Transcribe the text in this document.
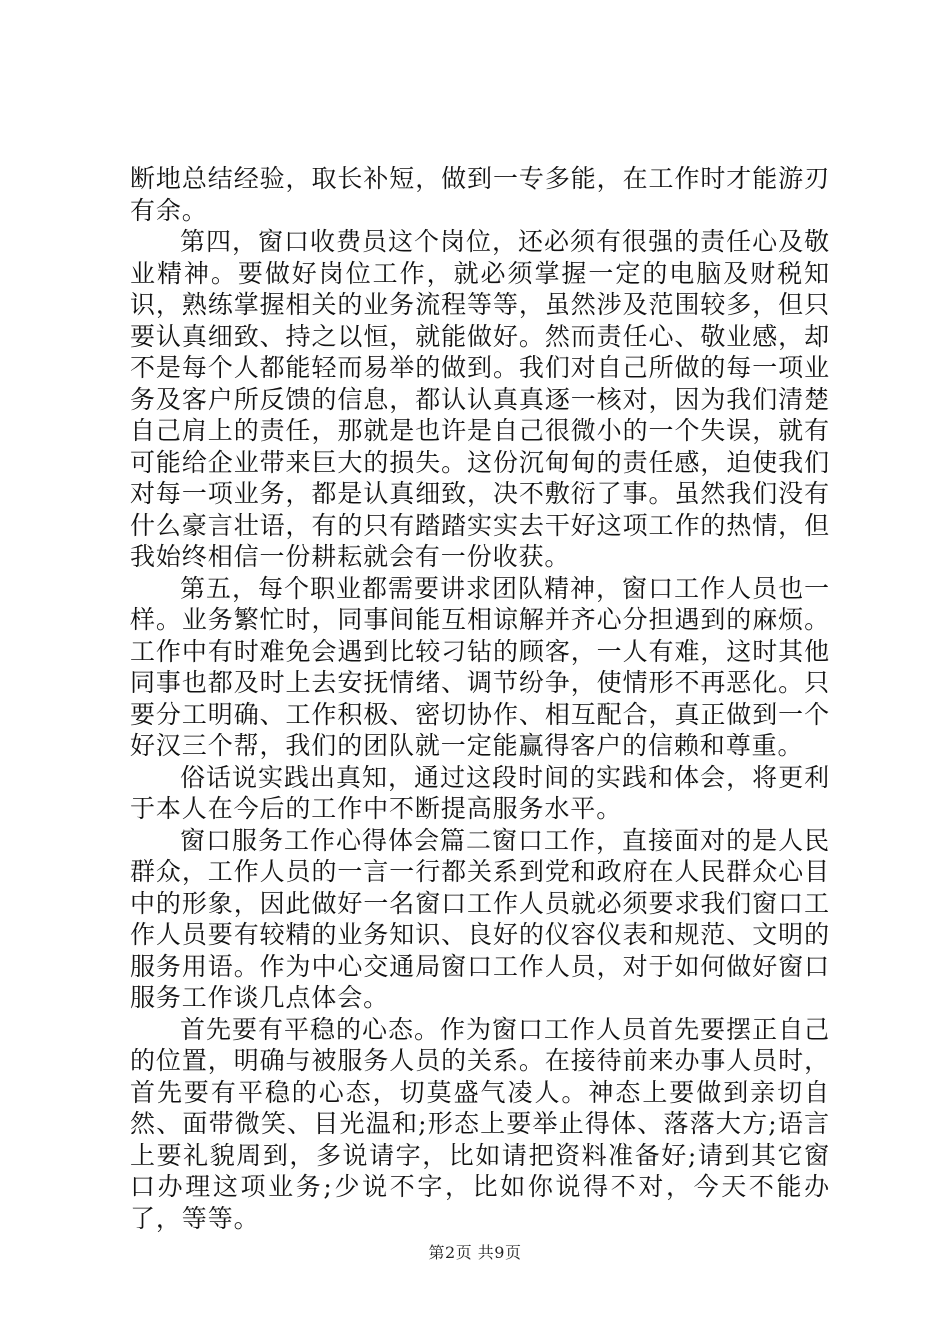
断地总结经验，取长补短，做到一专多能，在工作时才能游刃有余。

第四，窗口收费员这个岗位，还必须有很强的责任心及敬业精神。要做好岗位工作，就必须掌握一定的电脑及财税知识，熟练掌握相关的业务流程等等，虽然涉及范围较多，但只要认真细致、持之以恒，就能做好。然而责任心、敬业感，却不是每个人都能轻而易举的做到。我们对自己所做的每一项业务及客户所反馈的信息，都认认真真逐一核对，因为我们清楚自己肩上的责任，那就是也许是自己很微小的一个失误，就有可能给企业带来巨大的损失。这份沉甸甸的责任感，迫使我们对每一项业务，都是认真细致，决不敷衍了事。虽然我们没有什么豪言壮语，有的只有踏踏实实去干好这项工作的热情，但我始终相信一份耕耘就会有一份收获。

第五，每个职业都需要讲求团队精神，窗口工作人员也一样。业务繁忙时，同事间能互相谅解并齐心分担遇到的麻烦。工作中有时难免会遇到比较刁钻的顾客，一人有难，这时其他同事也都及时上去安抚情绪、调节纷争，使情形不再恶化。只要分工明确、工作积极、密切协作、相互配合，真正做到一个好汉三个帮，我们的团队就一定能赢得客户的信赖和尊重。

俗话说实践出真知，通过这段时间的实践和体会，将更利于本人在今后的工作中不断提高服务水平。

窗口服务工作心得体会篇二窗口工作，直接面对的是人民群众，工作人员的一言一行都关系到党和政府在人民群众心目中的形象，因此做好一名窗口工作人员就必须要求我们窗口工作人员要有较精的业务知识、良好的仪容仪表和规范、文明的服务用语。作为中心交通局窗口工作人员，对于如何做好窗口服务工作谈几点体会。

首先要有平稳的心态。作为窗口工作人员首先要摆正自己的位置，明确与被服务人员的关系。在接待前来办事人员时，首先要有平稳的心态，切莫盛气凌人。神态上要做到亲切自然、面带微笑、目光温和;形态上要举止得体、落落大方;语言上要礼貌周到，多说请字，比如请把资料准备好;请到其它窗口办理这项业务;少说不字，比如你说得不对，今天不能办了，等等。

第2页 共9页
